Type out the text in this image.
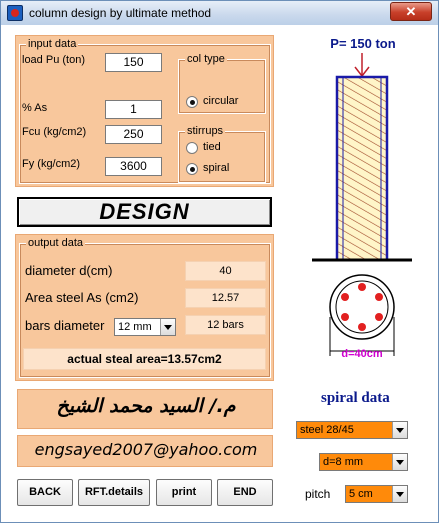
column design by ultimate method	✕
input data
load Pu (ton)	150
% As	1
Fcu (kg/cm2)	250
Fy (kg/cm2)	3600
col type
circular
stirrups
tied
spiral
DESIGN
output data
diameter d(cm)	40
Area steel As (cm2)	12.57
bars diameter	12 mm	12 bars
actual steal area=13.57cm2
م./ السيد محمد الشيخ
engsayed2007@yahoo.com
BACK	RFT.details	print	END
P= 150 ton
d=40cm
spiral data
steel 28/45
d=8 mm
pitch	5 cm
